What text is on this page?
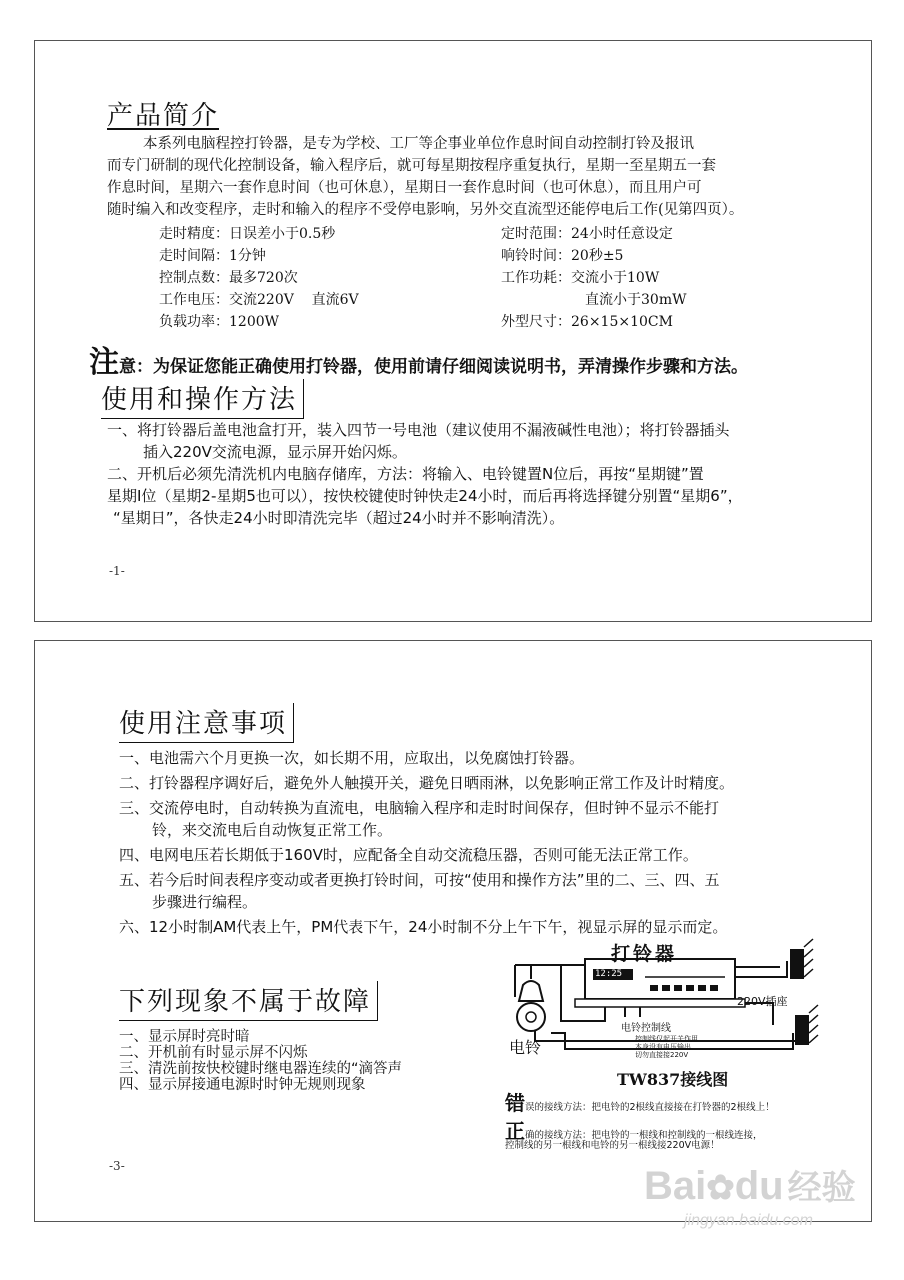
产品简介
本系列电脑程控打铃器，是专为学校、工厂等企事业单位作息时间自动控制打铃及报讯
而专门研制的现代化控制设备，输入程序后，就可每星期按程序重复执行，星期一至星期五一套
作息时间，星期六一套作息时间（也可休息），星期日一套作息时间（也可休息），而且用户可
随时编入和改变程序，走时和输入的程序不受停电影响，另外交直流型还能停电后工作(见第四页）。
走时精度：日误差小于0.5秒
走时间隔：1分钟
控制点数：最多720次
工作电压：交流220V    直流6V
负载功率：1200W
定时范围：24小时任意设定
响铃时间：20秒±5
工作功耗：交流小于10W
直流小于30mW
外型尺寸：26×15×10CM
注意：为保证您能正确使用打铃器，使用前请仔细阅读说明书，弄清操作步骤和方法。
使用和操作方法
一、将打铃器后盖电池盒打开，装入四节一号电池（建议使用不漏液碱性电池）；将打铃器插头
插入220V交流电源，显示屏开始闪烁。
二、开机后必须先清洗机内电脑存储库，方法：将输入、电铃键置N位后，再按“星期键”置
星期I位（星期2-星期5也可以），按快校键使时钟快走24小时，而后再将选择键分别置“星期6”，
“星期日”，各快走24小时即清洗完毕（超过24小时并不影响清洗）。
-1-
使用注意事项
一、电池需六个月更换一次，如长期不用，应取出，以免腐蚀打铃器。
二、打铃器程序调好后，避免外人触摸开关，避免日晒雨淋，以免影响正常工作及计时精度。
三、交流停电时，自动转换为直流电，电脑输入程序和走时时间保存，但时钟不显示不能打
铃，来交流电后自动恢复正常工作。
四、电网电压若长期低于160V时，应配备全自动交流稳压器，否则可能无法正常工作。
五、若今后时间表程序变动或者更换打铃时间，可按“使用和操作方法”里的二、三、四、五
步骤进行编程。
六、12小时制AM代表上午，PM代表下午，24小时制不分上午下午，视显示屏的显示而定。
下列现象不属于故障
一、显示屏时亮时暗
二、开机前有时显示屏不闪烁
三、清洗前按快校键时继电器连续的“滴答声
四、显示屏接通电源时时钟无规则现象
打铃器
12:25
220V插座
电铃控制线
电铃	控制线仅起开关作用
本身没有电压输出
切勿直接接220V
TW837接线图
错误的接线方法：把电铃的2根线直接接在打铃器的2根线上！
正确的接线方法：把电铃的一根线和控制线的一根线连接，
控制线的另一根线和电铃的另一根线接220V电源！
-3-	Bai✿du 经验
jingyan.baidu.com
